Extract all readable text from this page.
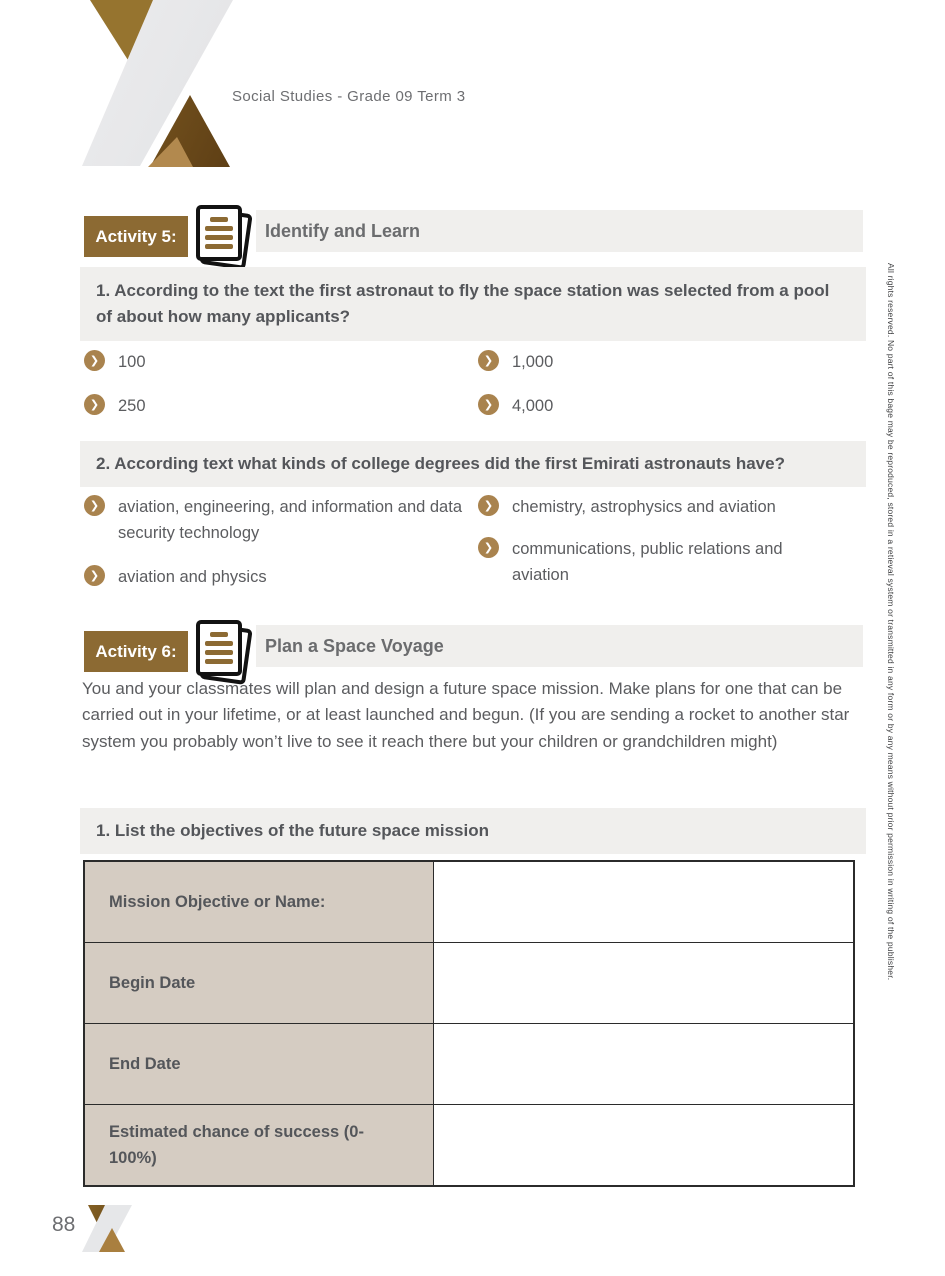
Social Studies - Grade 09 Term 3
All rights reserved. No part of this bage may be reproduced, stored in a retieval system or transmitted in any form or by any means without prior permission in writing of the publisher.
Identify and Learn
Activity 5:
1. According to the text the first astronaut to fly the space station was selected from a pool of about how many applicants?
❯	100	❯	1,000
❯	250	❯	4,000
2. According text what kinds of college degrees did the first Emirati astronauts have?
❯	aviation, engineering, and information and data security technology
❯	aviation and physics
❯	chemistry, astrophysics and aviation
❯	communications, public relations and aviation
Plan a Space Voyage
Activity 6:
You and your classmates will plan and design a future space mission. Make plans for one that can be carried out in your lifetime, or at least launched and begun. (If you are sending a rocket to another star system you probably won’t live to see it reach there but your children or grandchildren might)
1. List the objectives of the future space mission
Mission Objective or Name:
Begin Date
End Date
Estimated chance of success (0-100%)
88
